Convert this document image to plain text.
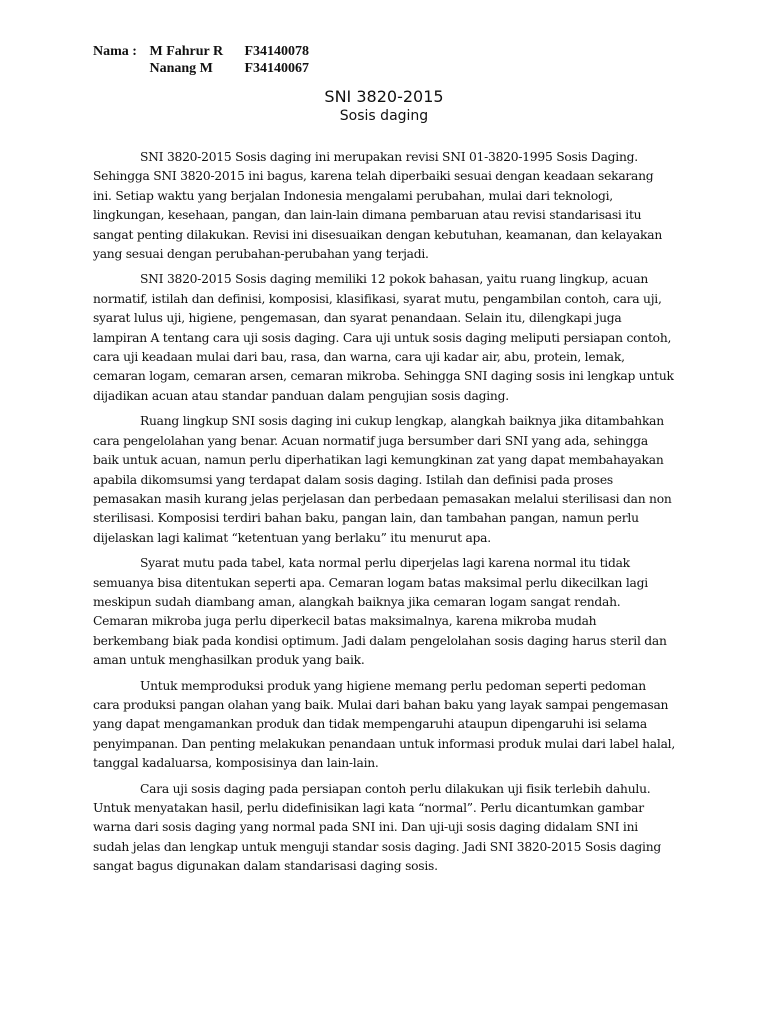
Nama : M Fahrur R F34140078
Nanang M F34140067
SNI 3820-2015
Sosis daging

SNI 3820-2015 Sosis daging ini merupakan revisi SNI 01-3820-1995 Sosis Daging. Sehingga SNI 3820-2015 ini bagus, karena telah diperbaiki sesuai dengan keadaan sekarang ini. Setiap waktu yang berjalan Indonesia mengalami perubahan, mulai dari teknologi, lingkungan, kesehaan, pangan, dan lain-lain dimana pembaruan atau revisi standarisasi itu sangat penting dilakukan. Revisi ini disesuaikan dengan kebutuhan, keamanan, dan kelayakan yang sesuai dengan perubahan-perubahan yang terjadi.

SNI 3820-2015 Sosis daging memiliki 12 pokok bahasan, yaitu ruang lingkup, acuan normatif, istilah dan definisi, komposisi, klasifikasi, syarat mutu, pengambilan contoh, cara uji, syarat lulus uji, higiene, pengemasan, dan syarat penandaan. Selain itu, dilengkapi juga lampiran A tentang cara uji sosis daging. Cara uji untuk sosis daging meliputi persiapan contoh, cara uji keadaan mulai dari bau, rasa, dan warna, cara uji kadar air, abu, protein, lemak, cemaran logam, cemaran arsen, cemaran mikroba. Sehingga SNI daging sosis ini lengkap untuk dijadikan acuan atau standar panduan dalam pengujian sosis daging.

Ruang lingkup SNI sosis daging ini cukup lengkap, alangkah baiknya jika ditambahkan cara pengelolahan yang benar. Acuan normatif juga bersumber dari SNI yang ada, sehingga baik untuk acuan, namun perlu diperhatikan lagi kemungkinan zat yang dapat membahayakan apabila dikomsumsi yang terdapat dalam sosis daging. Istilah dan definisi pada proses pemasakan masih kurang jelas perjelasan dan perbedaan pemasakan melalui sterilisasi dan non sterilisasi. Komposisi terdiri bahan baku, pangan lain, dan tambahan pangan, namun perlu dijelaskan lagi kalimat “ketentuan yang berlaku” itu menurut apa.

Syarat mutu pada tabel, kata normal perlu diperjelas lagi karena normal itu tidak semuanya bisa ditentukan seperti apa. Cemaran logam batas maksimal perlu dikecilkan lagi meskipun sudah diambang aman, alangkah baiknya jika cemaran logam sangat rendah. Cemaran mikroba juga perlu diperkecil batas maksimalnya, karena mikroba mudah berkembang biak pada kondisi optimum. Jadi dalam pengelolahan sosis daging harus steril dan aman untuk menghasilkan produk yang baik.

Untuk memproduksi produk yang higiene memang perlu pedoman seperti pedoman cara produksi pangan olahan yang baik. Mulai dari bahan baku yang layak sampai pengemasan yang dapat mengamankan produk dan tidak mempengaruhi ataupun dipengaruhi isi selama penyimpanan. Dan penting melakukan penandaan untuk informasi produk mulai dari label halal, tanggal kadaluarsa, komposisinya dan lain-lain.

Cara uji sosis daging pada persiapan contoh perlu dilakukan uji fisik terlebih dahulu. Untuk menyatakan hasil, perlu didefinisikan lagi kata “normal”. Perlu dicantumkan gambar warna dari sosis daging yang normal pada SNI ini. Dan uji-uji sosis daging didalam SNI ini sudah jelas dan lengkap untuk menguji standar sosis daging. Jadi SNI 3820-2015 Sosis daging sangat bagus digunakan dalam standarisasi daging sosis.
